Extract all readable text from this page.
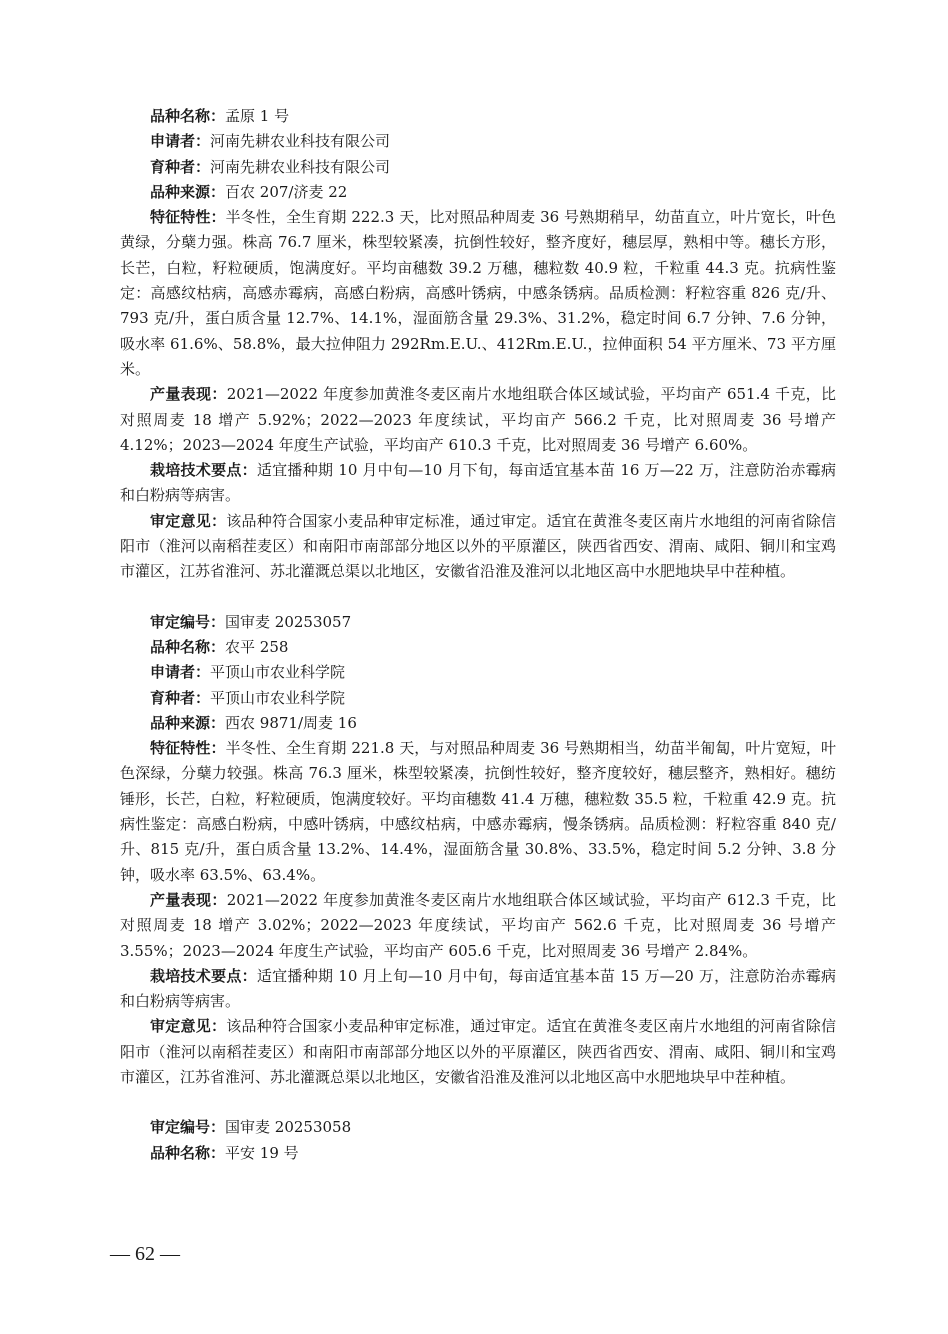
品种名称：孟原 1 号
申请者：河南先耕农业科技有限公司
育种者：河南先耕农业科技有限公司
品种来源：百农 207/济麦 22

特征特性：半冬性，全生育期 222.3 天，比对照品种周麦 36 号熟期稍早，幼苗直立，叶片宽长，叶色黄绿，分蘖力强。株高 76.7 厘米，株型较紧凑，抗倒性较好，整齐度好，穗层厚，熟相中等。穗长方形，长芒，白粒，籽粒硬质，饱满度好。平均亩穗数 39.2 万穗，穗粒数 40.9 粒，千粒重 44.3 克。抗病性鉴定：高感纹枯病，高感赤霉病，高感白粉病，高感叶锈病，中感条锈病。品质检测：籽粒容重 826 克/升、793 克/升，蛋白质含量 12.7%、14.1%，湿面筋含量 29.3%、31.2%，稳定时间 6.7 分钟、7.6 分钟，吸水率 61.6%、58.8%，最大拉伸阻力 292Rm.E.U.、412Rm.E.U.，拉伸面积 54 平方厘米、73 平方厘米。

产量表现：2021—2022 年度参加黄淮冬麦区南片水地组联合体区域试验，平均亩产 651.4 千克，比对照周麦 18 增产 5.92%；2022—2023 年度续试，平均亩产 566.2 千克，比对照周麦 36 号增产 4.12%；2023—2024 年度生产试验，平均亩产 610.3 千克，比对照周麦 36 号增产 6.60%。

栽培技术要点：适宜播种期 10 月中旬—10 月下旬，每亩适宜基本苗 16 万—22 万，注意防治赤霉病和白粉病等病害。

审定意见：该品种符合国家小麦品种审定标准，通过审定。适宜在黄淮冬麦区南片水地组的河南省除信阳市（淮河以南稻茬麦区）和南阳市南部部分地区以外的平原灌区，陕西省西安、渭南、咸阳、铜川和宝鸡市灌区，江苏省淮河、苏北灌溉总渠以北地区，安徽省沿淮及淮河以北地区高中水肥地块早中茬种植。

审定编号：国审麦 20253057
品种名称：农平 258
申请者：平顶山市农业科学院
育种者：平顶山市农业科学院
品种来源：西农 9871/周麦 16

特征特性：半冬性、全生育期 221.8 天，与对照品种周麦 36 号熟期相当，幼苗半匍匐，叶片宽短，叶色深绿，分蘖力较强。株高 76.3 厘米，株型较紧凑，抗倒性较好，整齐度较好，穗层整齐，熟相好。穗纺锤形，长芒，白粒，籽粒硬质，饱满度较好。平均亩穗数 41.4 万穗，穗粒数 35.5 粒，千粒重 42.9 克。抗病性鉴定：高感白粉病，中感叶锈病，中感纹枯病，中感赤霉病，慢条锈病。品质检测：籽粒容重 840 克/升、815 克/升，蛋白质含量 13.2%、14.4%，湿面筋含量 30.8%、33.5%，稳定时间 5.2 分钟、3.8 分钟，吸水率 63.5%、63.4%。

产量表现：2021—2022 年度参加黄淮冬麦区南片水地组联合体区域试验，平均亩产 612.3 千克，比对照周麦 18 增产 3.02%；2022—2023 年度续试，平均亩产 562.6 千克，比对照周麦 36 号增产 3.55%；2023—2024 年度生产试验，平均亩产 605.6 千克，比对照周麦 36 号增产 2.84%。

栽培技术要点：适宜播种期 10 月上旬—10 月中旬，每亩适宜基本苗 15 万—20 万，注意防治赤霉病和白粉病等病害。

审定意见：该品种符合国家小麦品种审定标准，通过审定。适宜在黄淮冬麦区南片水地组的河南省除信阳市（淮河以南稻茬麦区）和南阳市南部部分地区以外的平原灌区，陕西省西安、渭南、咸阳、铜川和宝鸡市灌区，江苏省淮河、苏北灌溉总渠以北地区，安徽省沿淮及淮河以北地区高中水肥地块早中茬种植。

审定编号：国审麦 20253058
品种名称：平安 19 号
— 62 —
